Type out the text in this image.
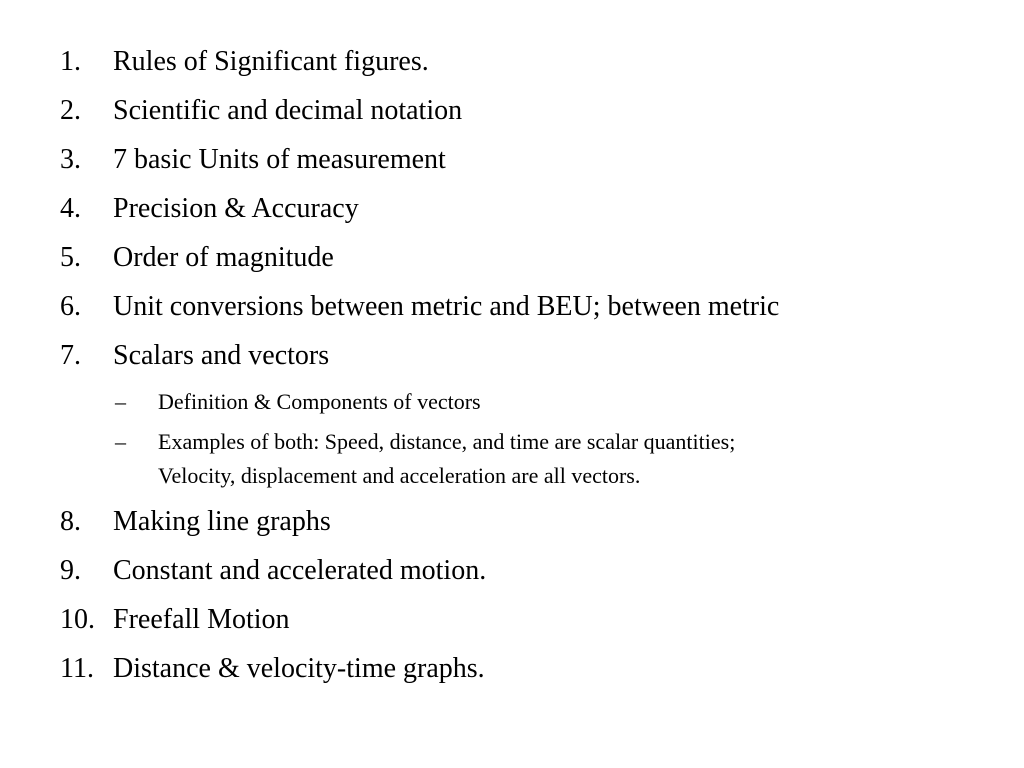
1. Rules of Significant figures.
2. Scientific and decimal notation
3. 7 basic Units of measurement
4. Precision & Accuracy
5. Order of magnitude
6. Unit conversions between metric and BEU; between metric
7. Scalars and vectors
– Definition & Components of vectors
– Examples of both: Speed, distance, and time are scalar quantities;
Velocity, displacement and acceleration are all vectors.
8. Making line graphs
9. Constant and accelerated motion.
10. Freefall Motion
11. Distance & velocity-time graphs.
